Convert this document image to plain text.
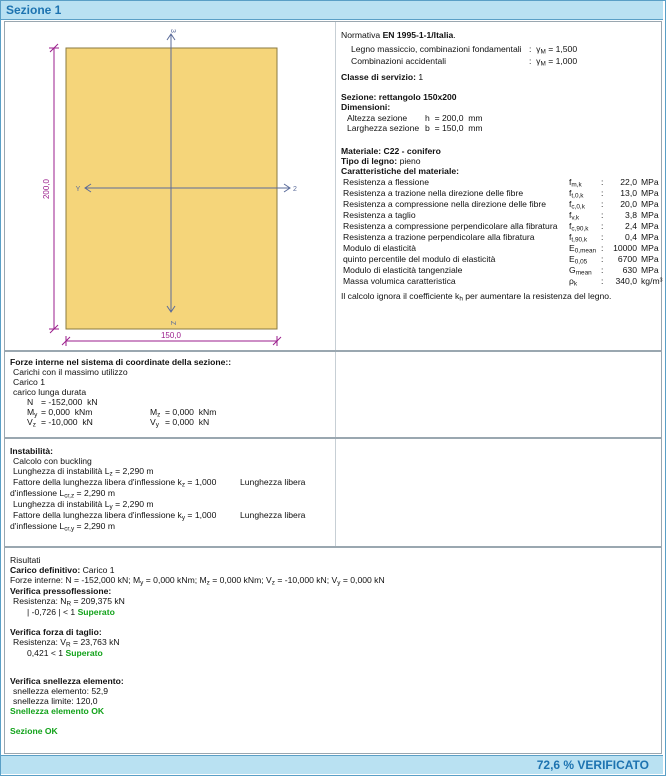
Sezione 1
200,0
150,0
3
Y	2
Z
Normativa EN 1995-1-1/Italia.
Legno massiccio, combinazioni fondamentali :  $\gamma_M = 1,500$
Combinazioni accidentali	:  $\gamma_M = 1,000$
Classe di servizio: 1
Sezione: rettangolo 150x200
Dimensioni:
Altezza sezione h = 200,0 mm
Larghezza sezione b = 150,0 mm
Materiale: C22 - conifero
Tipo di legno: pieno
Caratteristiche del materiale:
Resistenza a flessione	$f_{m,k}$ :	22,0 MPa
Resistenza a trazione nella direzione delle fibre	$f_{t,0,k}$ :	13,0 MPa
Resistenza a compressione nella direzione delle fibre	$f_{c,0,k}$ :	20,0 MPa
Resistenza a taglio	$f_{v,k}$	:	3,8 MPa
Resistenza a compressione perpendicolare alla fibratura $f_{c,90,k}$ :	2,4 MPa
Resistenza a trazione perpendicolare alla fibratura	$f_{t,90,k}$ :	0,4 MPa
Modulo di elasticità	$E_{0,mean}$ :	10000 MPa
quinto percentile del modulo di elasticità	$E_{0,05}$ :	6700 MPa
Modulo di elasticità tangenziale	$G_{mean}$ :	630 MPa
Massa volumica caratteristica	$\rho_k$	:	340,0 kg/m³
Il calcolo ignora il coefficiente $k_h$ per aumentare la resistenza del legno.
Forze interne nel sistema di coordinate della sezione::
Carichi con il massimo utilizzo
Carico 1
carico lunga durata
N = -152,000 kN
$M_y = 0,000$ kNm	$M_z = 0,000$ kNm
$V_z = -10,000$ kN	$V_y = 0,000$ kN
Instabilità:
Calcolo con buckling
Lunghezza di instabilità $L_z = 2,290$ m
Fattore della lunghezza libera d'inflessione $k_z = 1,000$	Lunghezza libera
d'inflessione $L_{cr,z} = 2,290$ m
Lunghezza di instabilità $L_y = 2,290$ m
Fattore della lunghezza libera d'inflessione $k_y = 1,000$	Lunghezza libera
d'inflessione $L_{cr,y} = 2,290$ m
Risultati
Carico definitivo: Carico 1
Forze interne: N = -152,000 kN; $M_y = 0,000$ kNm; $M_z = 0,000$ kNm; $V_z = -10,000$ kN; $V_y = 0,000$ kN
Verifica pressoflessione:
Resistenza: $N_R = 209,375$ kN
| -0,726 | < 1 Superato
Verifica forza di taglio:
Resistenza: $V_R = 23,763$ kN
0,421 < 1 Superato
Verifica snellezza elemento:
snellezza elemento: 52,9
snellezza limite: 120,0
Snellezza elemento OK
Sezione OK
72,6 % VERIFICATO
